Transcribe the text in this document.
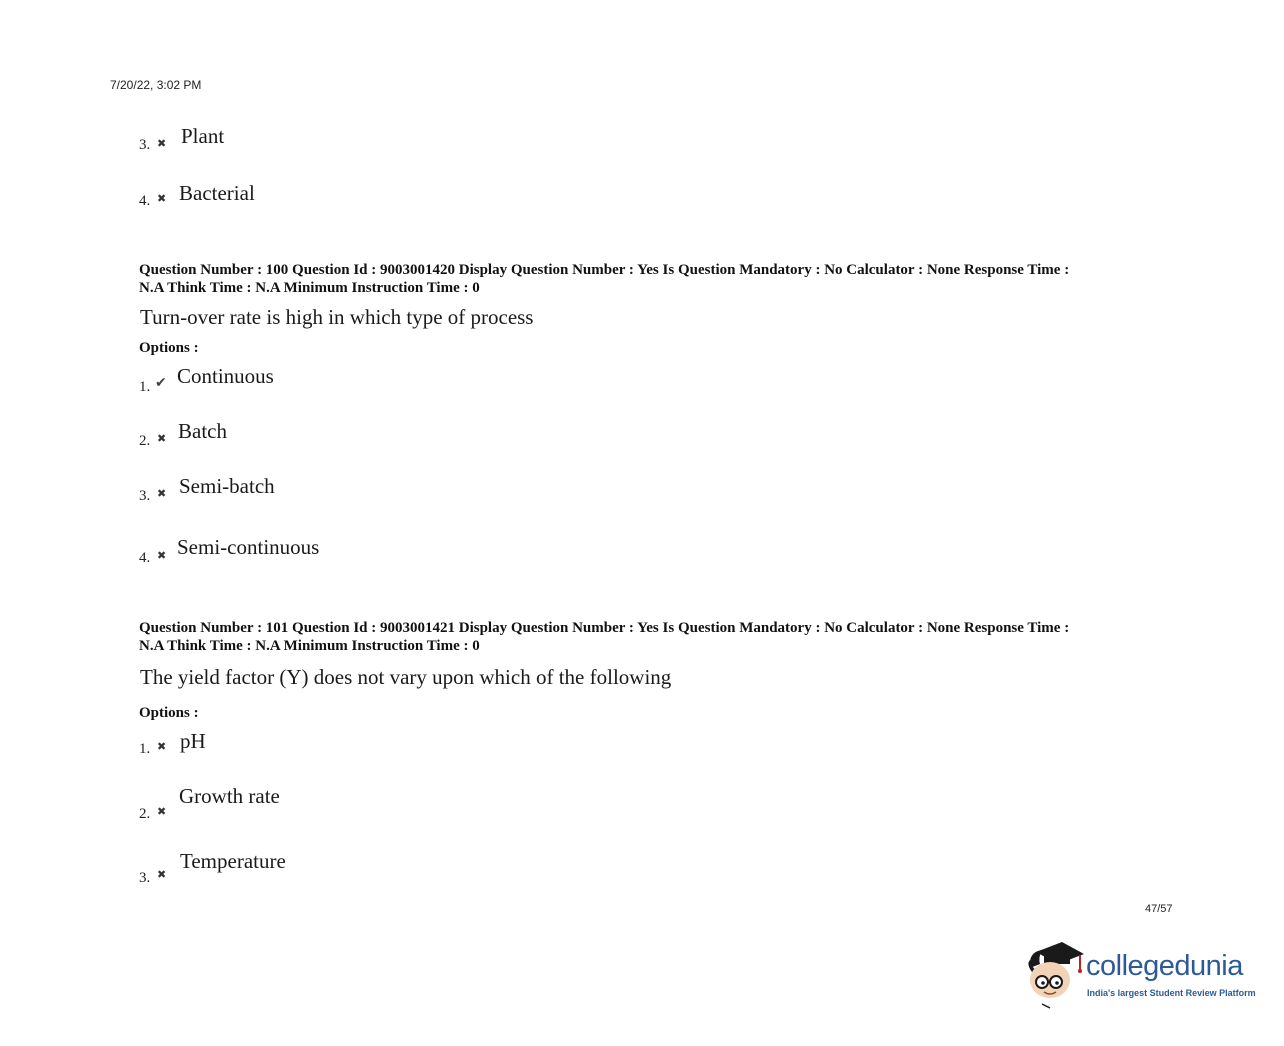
7/20/22, 3:02 PM
3. ✖ Plant
4. ✖ Bacterial
Question Number : 100 Question Id : 9003001420 Display Question Number : Yes Is Question Mandatory : No Calculator : None Response Time :
N.A Think Time : N.A Minimum Instruction Time : 0
Turn-over rate is high in which type of process
Options :
1. ✔ Continuous
2. ✖ Batch
3. ✖ Semi-batch
4. ✖ Semi-continuous
Question Number : 101 Question Id : 9003001421 Display Question Number : Yes Is Question Mandatory : No Calculator : None Response Time :
N.A Think Time : N.A Minimum Instruction Time : 0
The yield factor (Y) does not vary upon which of the following
Options :
1. ✖ pH
2. ✖
Growth rate
3. ✖
Temperature
47/57
collegedunia
India's largest Student Review Platform
